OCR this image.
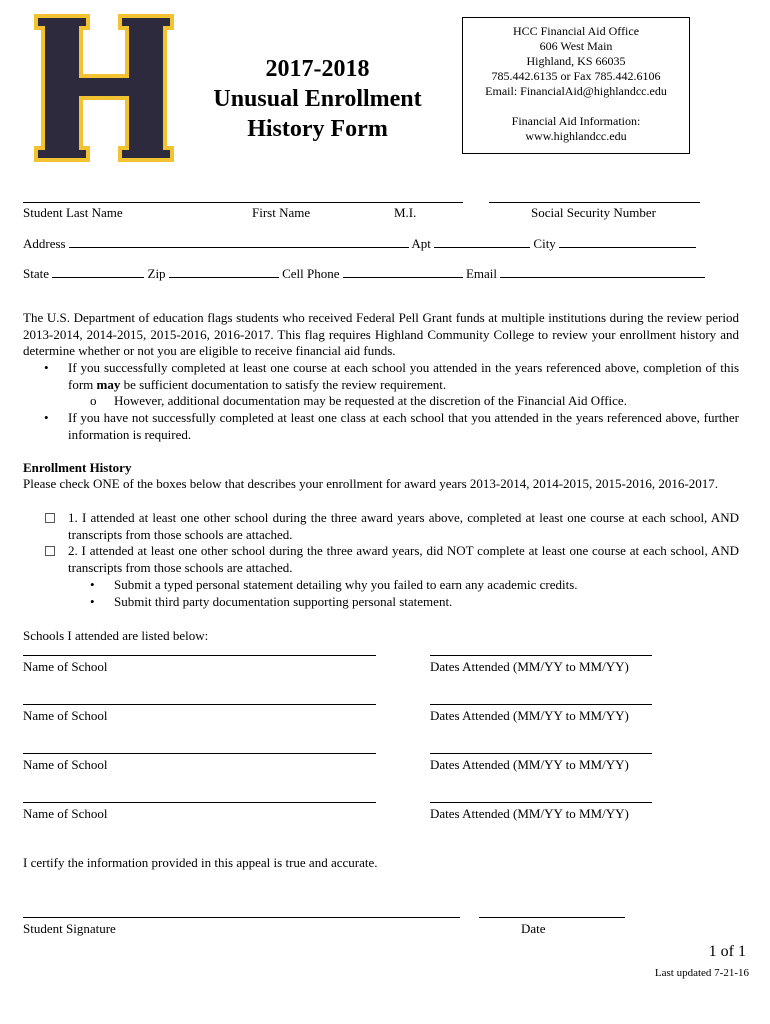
2017-2018
Unusual Enrollment
History Form
HCC Financial Aid Office
606 West Main
Highland, KS 66035
785.442.6135 or Fax 785.442.6106
Email: FinancialAid@highlandcc.edu
Financial Aid Information:
www.highlandcc.edu
Student Last Name	First Name	M.I.	Social Security Number
Address	Apt	City
State	Zip	Cell Phone	Email
The U.S. Department of education flags students who received Federal Pell Grant funds at multiple institutions during the review period 2013-2014, 2014-2015, 2015-2016, 2016-2017. This flag requires Highland Community College to review your enrollment history and determine whether or not you are eligible to receive financial aid funds.
• If you successfully completed at least one course at each school you attended in the years referenced above, completion of this form may be sufficient documentation to satisfy the review requirement.
o However, additional documentation may be requested at the discretion of the Financial Aid Office.
• If you have not successfully completed at least one class at each school that you attended in the years referenced above, further information is required.
Enrollment History
Please check ONE of the boxes below that describes your enrollment for award years 2013-2014, 2014-2015, 2015-2016, 2016-2017.
1. I attended at least one other school during the three award years above, completed at least one course at each school, AND transcripts from those schools are attached.
2. I attended at least one other school during the three award years, did NOT complete at least one course at each school, AND transcripts from those schools are attached.
• Submit a typed personal statement detailing why you failed to earn any academic credits.
• Submit third party documentation supporting personal statement.
Schools I attended are listed below:
Name of School	Dates Attended (MM/YY to MM/YY)
Name of School	Dates Attended (MM/YY to MM/YY)
Name of School	Dates Attended (MM/YY to MM/YY)
Name of School	Dates Attended (MM/YY to MM/YY)
I certify the information provided in this appeal is true and accurate.
Student Signature	Date
1 of 1
Last updated 7-21-16
